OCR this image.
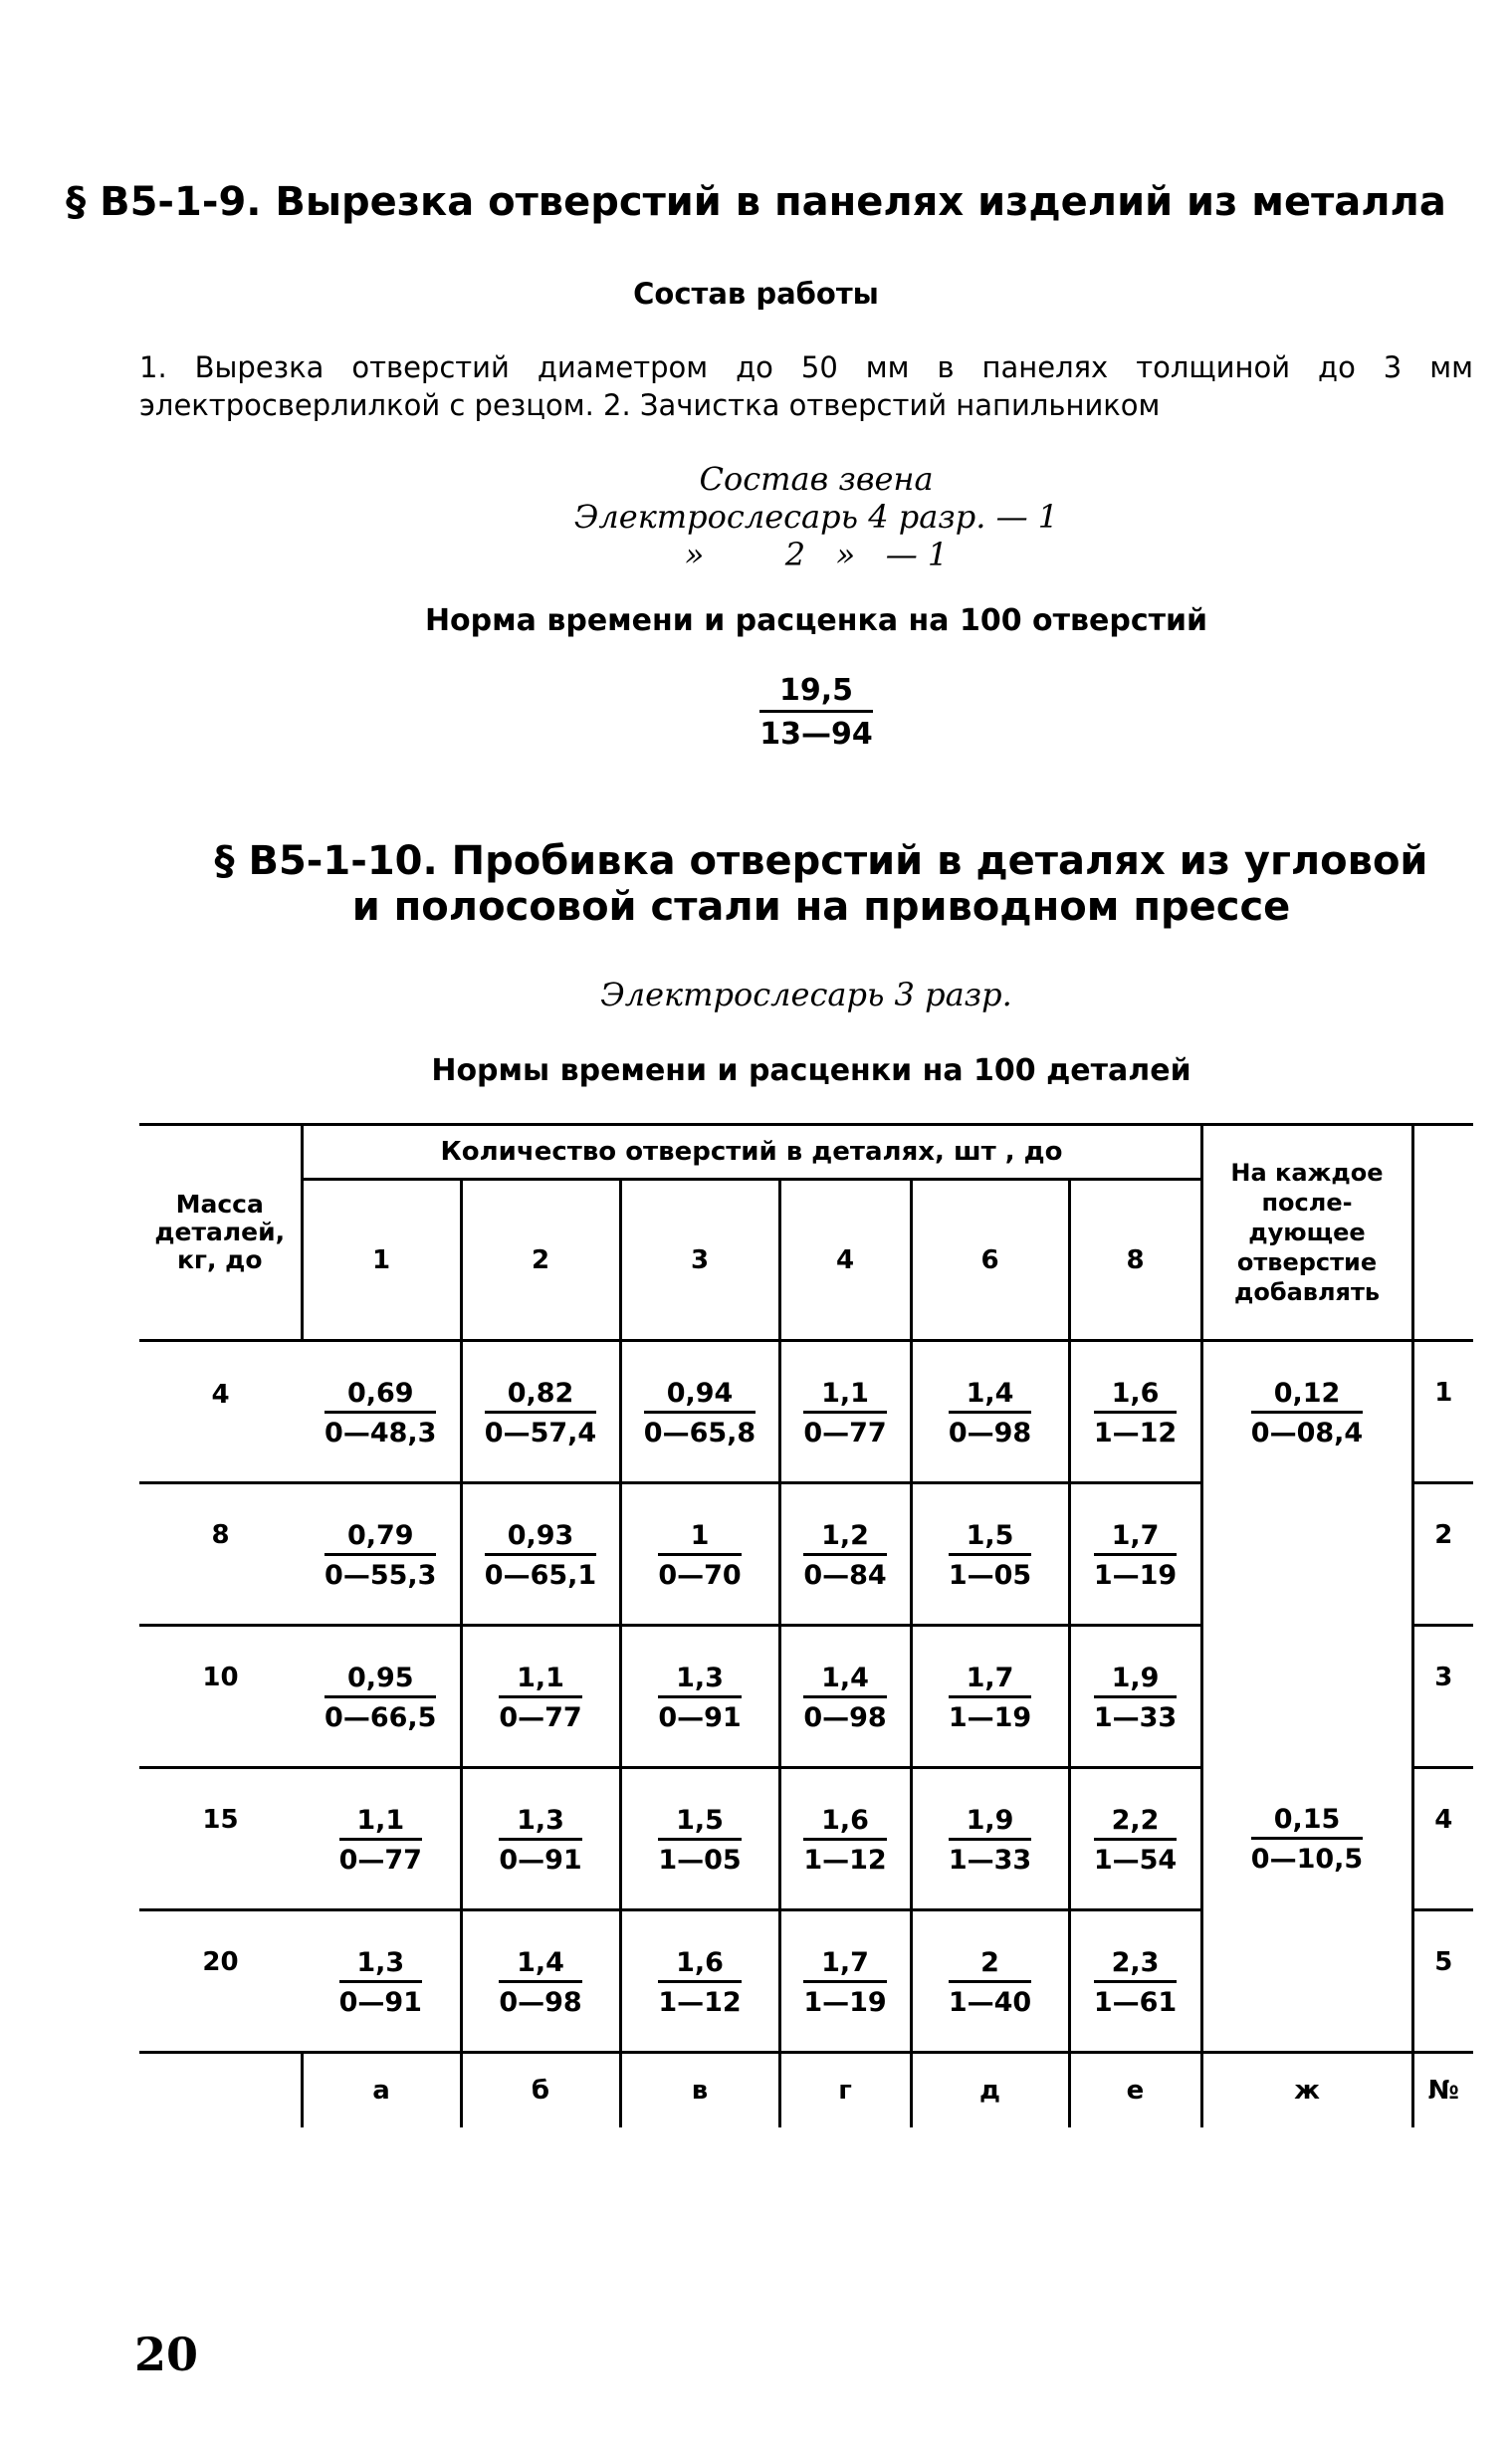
§ В5-1-9. Вырезка отверстий в панелях изделий из металла
Состав работы
1. Вырезка отверстий диаметром до 50 мм в панелях толщиной до 3 мм
электросверлилкой с резцом. 2. Зачистка отверстий напильником
Состав звена
Электрослесарь 4 разр. — 1
»        2   »   — 1
Норма времени и расценка на 100 отверстий
$\frac{19,5}{13—94}$
§ В5-1-10. Пробивка отверстий в деталях из угловой
и полосовой стали на приводном прессе
Электрослесарь 3 разр.
Нормы времени и расценки на 100 деталей
Масса деталей, кг, до	Количество отверстий в деталях, шт , до						На каждое после-дующее отверстие добавлять	
	1	2	3	4	6	8		
4	$\frac{0,69}{0—48,3}$	$\frac{0,82}{0—57,4}$	$\frac{0,94}{0—65,8}$	$\frac{1,1}{0—77}$	$\frac{1,4}{0—98}$	$\frac{1,6}{1—12}$	$\frac{0,12}{0—08,4}$	1
8	$\frac{0,79}{0—55,3}$	$\frac{0,93}{0—65,1}$	$\frac{1}{0—70}$	$\frac{1,2}{0—84}$	$\frac{1,5}{1—05}$	$\frac{1,7}{1—19}$		2
10	$\frac{0,95}{0—66,5}$	$\frac{1,1}{0—77}$	$\frac{1,3}{0—91}$	$\frac{1,4}{0—98}$	$\frac{1,7}{1—19}$	$\frac{1,9}{1—33}$		3
15	$\frac{1,1}{0—77}$	$\frac{1,3}{0—91}$	$\frac{1,5}{1—05}$	$\frac{1,6}{1—12}$	$\frac{1,9}{1—33}$	$\frac{2,2}{1—54}$	$\frac{0,15}{0—10,5}$	4
20	$\frac{1,3}{0—91}$	$\frac{1,4}{0—98}$	$\frac{1,6}{1—12}$	$\frac{1,7}{1—19}$	$\frac{2}{1—40}$	$\frac{2,3}{1—61}$		5
	а	б	в	г	д	е	ж	№
20
